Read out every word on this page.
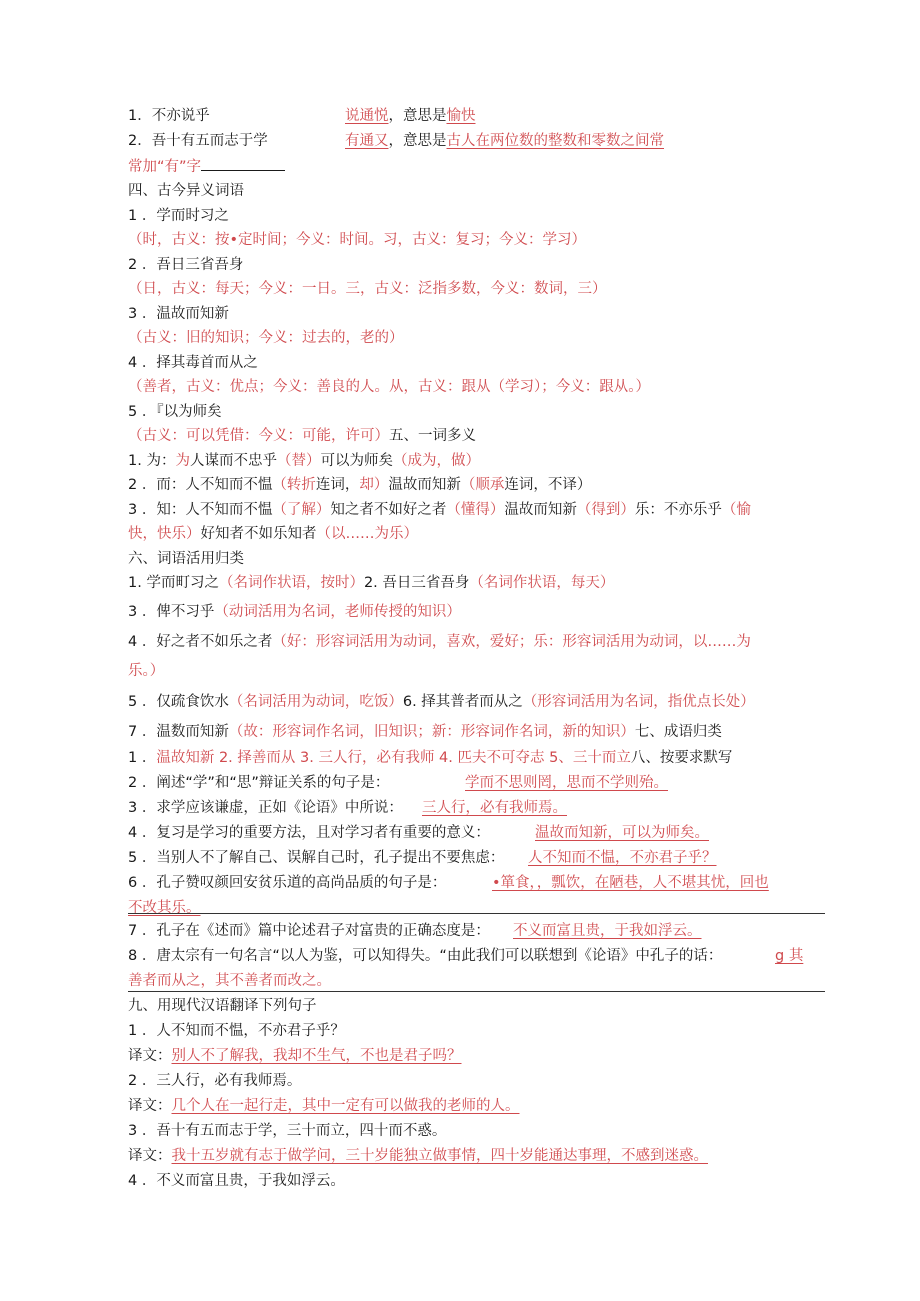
1．不亦说乎	说通悦，意思是愉快
2．吾十有五而志于学	有通又，意思是古人在两位数的整数和零数之间常
常加“有”字
四、古今异义词语
1 ．学而时习之
（时，古义：按•定时间；今义：时间。习，古义：复习；今义：学习）
2 ．吾日三省吾身
（日，古义：每天；今义：一日。三，古义：泛指多数，今义：数词，三）
3 ．温故而知新
（古义：旧的知识；今义：过去的，老的）
4 ．择其毒首而从之
（善者，古义：优点；今义：善良的人。从，古义：跟从（学习）；今义：跟从。）
5 ．『以为师矣
（古义：可以凭借：今义：可能，许可）五、一词多义
1. 为：为人谋而不忠乎（替）可以为师矣（成为，做）
2 ．而：人不知而不愠（转折连词，却）温故而知新（顺承连词，不译）
3 ．知：人不知而不愠（了解）知之者不如好之者（懂得）温故而知新（得到）乐：不亦乐乎（愉
快，快乐）好知者不如乐知者（以……为乐）
六、词语活用归类
1. 学而町习之（名词作状语，按时）2. 吾日三省吾身（名词作状语，每天）
3 ．俾不习乎（动词活用为名词，老师传授的知识）
4 ．好之者不如乐之者（好：形容词活用为动词，喜欢，爱好；乐：形容词活用为动词，以……为
乐。）
5 ．仅疏食饮水（名词活用为动词，吃饭）6. 择其普者而从之（形容词活用为名词，指优点长处）
7 ．温数而知新（故：形容词作名词，旧知识；新：形容词作名词，新的知识）七、成语归类
1 ．温故知新 2. 择善而从 3. 三人行，必有我师 4. 匹夫不可夺志 5、三十而立八、按要求默写
2 ．阐述“学”和“思”辩证关系的句子是：	学而不思则罔，思而不学则殆。
3 ．求学应该谦虚，正如《论语》中所说： 三人行，必有我师焉。
4 ．复习是学习的重要方法，且对学习者有重要的意义：	温故而知新，可以为师矣。
5 ．当别人不了解自己、误解自己时，孔子提出不要焦虑： 人不知而不愠，不亦君子乎？
6 ．孔子赞叹颜回安贫乐道的高尚品质的句子是：	•箪食，，瓢饮，在陋巷，人不堪其忧，回也
不改其乐。
7 ．孔子在《述而》篇中论述君子对富贵的正确态度是： 不义而富且贵，于我如浮云。
8 ．唐太宗有一句名言“以人为鉴，可以知得失。“由此我们可以联想到《论语》中孔子的话：	g 其
善者而从之，其不善者而改之。
九、用现代汉语翻译下列句子
1 ．人不知而不愠，不亦君子乎？
译文：别人不了解我，我却不生气，不也是君子吗？
2 ．三人行，必有我师焉。
译文：几个人在一起行走，其中一定有可以做我的老师的人。
3 ．吾十有五而志于学，三十而立，四十而不惑。
译文：我十五岁就有志于做学问，三十岁能独立做事情，四十岁能通达事理，不感到迷惑。
4 ．不义而富且贵，于我如浮云。
